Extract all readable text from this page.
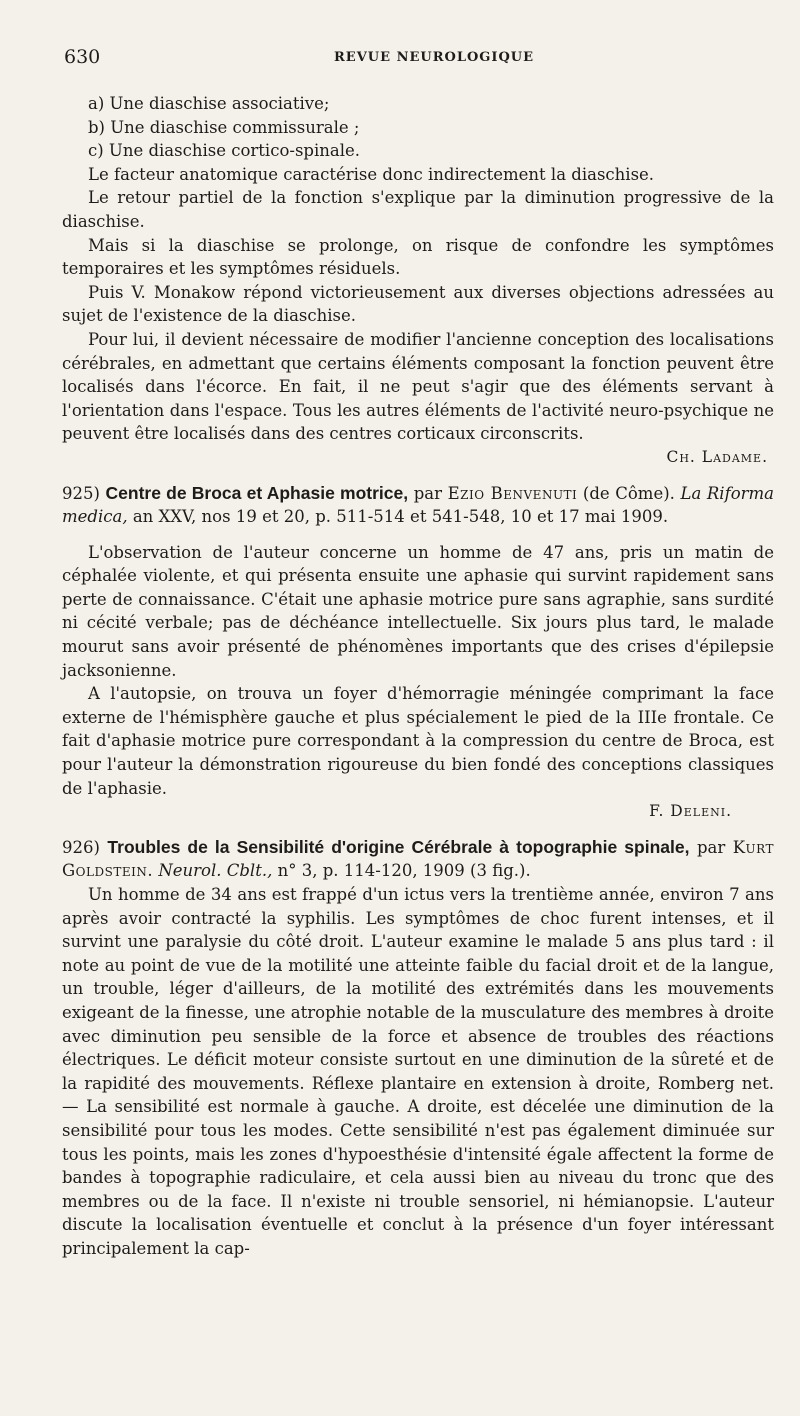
630	REVUE NEUROLOGIQUE

a) Une diaschise associative;

b) Une diaschise commissurale ;

c) Une diaschise cortico-spinale.

Le facteur anatomique caractérise donc indirectement la diaschise.

Le retour partiel de la fonction s'explique par la diminution progressive de la diaschise.

Mais si la diaschise se prolonge, on risque de confondre les symptômes temporaires et les symptômes résiduels.

Puis V. Monakow répond victorieusement aux diverses objections adressées au sujet de l'existence de la diaschise.

Pour lui, il devient nécessaire de modifier l'ancienne conception des localisations cérébrales, en admettant que certains éléments composant la fonction peuvent être localisés dans l'écorce. En fait, il ne peut s'agir que des éléments servant à l'orientation dans l'espace. Tous les autres éléments de l'activité neuro-psychique ne peuvent être localisés dans des centres corticaux circonscrits.

Ch. Ladame.

925) Centre de Broca et Aphasie motrice, par Ezio Benvenuti (de Côme). La Riforma medica, an XXV, nos 19 et 20, p. 511-514 et 541-548, 10 et 17 mai 1909.

L'observation de l'auteur concerne un homme de 47 ans, pris un matin de céphalée violente, et qui présenta ensuite une aphasie qui survint rapidement sans perte de connaissance. C'était une aphasie motrice pure sans agraphie, sans surdité ni cécité verbale; pas de déchéance intellectuelle. Six jours plus tard, le malade mourut sans avoir présenté de phénomènes importants que des crises d'épilepsie jacksonienne.

A l'autopsie, on trouva un foyer d'hémorragie méningée comprimant la face externe de l'hémisphère gauche et plus spécialement le pied de la IIIe frontale. Ce fait d'aphasie motrice pure correspondant à la compression du centre de Broca, est pour l'auteur la démonstration rigoureuse du bien fondé des conceptions classiques de l'aphasie.

F. Deleni.

926) Troubles de la Sensibilité d'origine Cérébrale à topographie spinale, par Kurt Goldstein. Neurol. Cblt., n° 3, p. 114-120, 1909 (3 fig.).

Un homme de 34 ans est frappé d'un ictus vers la trentième année, environ 7 ans après avoir contracté la syphilis. Les symptômes de choc furent intenses, et il survint une paralysie du côté droit. L'auteur examine le malade 5 ans plus tard : il note au point de vue de la motilité une atteinte faible du facial droit et de la langue, un trouble, léger d'ailleurs, de la motilité des extrémités dans les mouvements exigeant de la finesse, une atrophie notable de la musculature des membres à droite avec diminution peu sensible de la force et absence de troubles des réactions électriques. Le déficit moteur consiste surtout en une diminution de la sûreté et de la rapidité des mouvements. Réflexe plantaire en extension à droite, Romberg net. — La sensibilité est normale à gauche. A droite, est décelée une diminution de la sensibilité pour tous les modes. Cette sensibilité n'est pas également diminuée sur tous les points, mais les zones d'hypoesthésie d'intensité égale affectent la forme de bandes à topographie radiculaire, et cela aussi bien au niveau du tronc que des membres ou de la face. Il n'existe ni trouble sensoriel, ni hémianopsie. L'auteur discute la localisation éventuelle et conclut à la présence d'un foyer intéressant principalement la cap-
